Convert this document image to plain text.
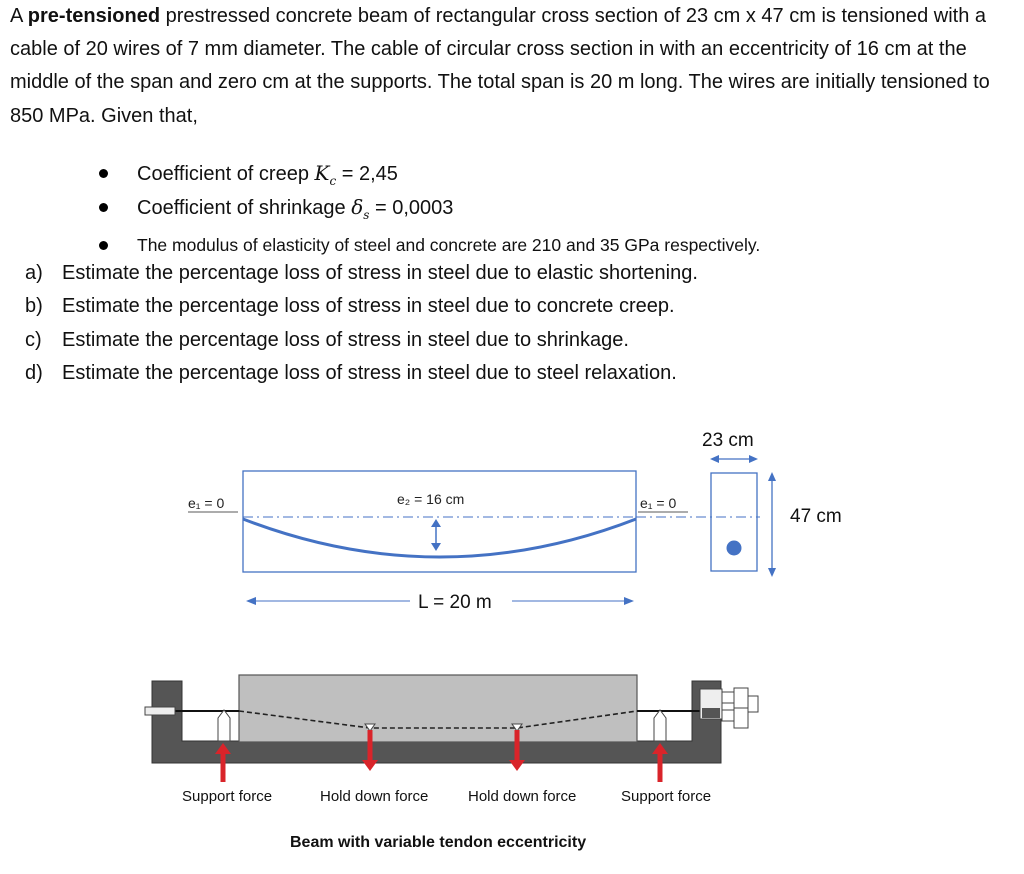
A pre-tensioned prestressed concrete beam of rectangular cross section of 23 cm x 47 cm is tensioned with a cable of 20 wires of 7 mm diameter. The cable of circular cross section in with an eccentricity of 16 cm at the middle of the span and zero cm at the supports. The total span is 20 m long. The wires are initially tensioned to 850 MPa. Given that,

Coefficient of creep $K_c = 2,45$
Coefficient of shrinkage $\delta_s = 0,0003$
The modulus of elasticity of steel and concrete are 210 and 35 GPa respectively.
a) Estimate the percentage loss of stress in steel due to elastic shortening.
b) Estimate the percentage loss of stress in steel due to concrete creep.
c) Estimate the percentage loss of stress in steel due to shrinkage.
d) Estimate the percentage loss of stress in steel due to steel relaxation.
e₁ = 0	e₂ = 16 cm	e₁ = 0
L = 20 m
23 cm
47 cm
Support force	Hold down force	Hold down force	Support force
Beam with variable tendon eccentricity
